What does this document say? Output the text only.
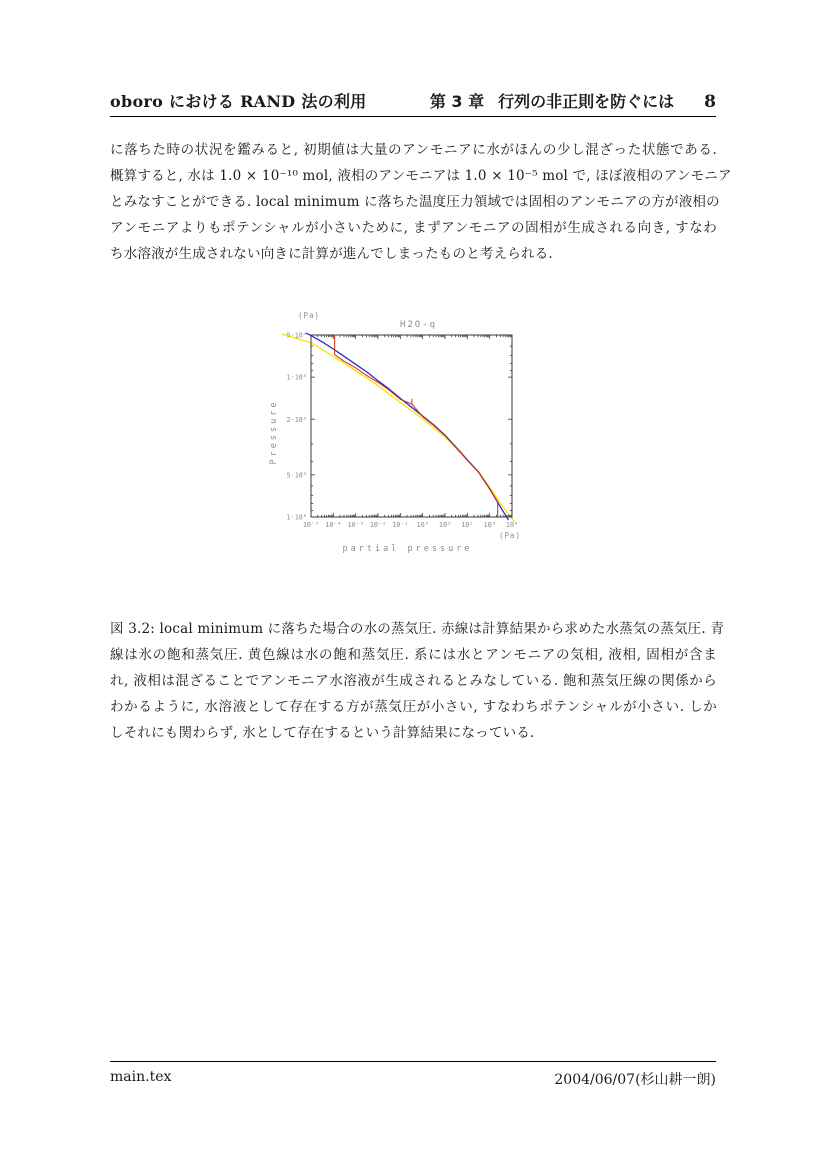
oboro における RAND 法の利用	第 3 章 行列の非正則を防ぐには 8
に落ちた時の状況を鑑みると, 初期値は大量のアンモニアに水がほんの少し混ざった状態である.
概算すると, 水は 1.0 × 10⁻¹⁰ mol, 液相のアンモニアは 1.0 × 10⁻⁵ mol で, ほぼ液相のアンモニア
とみなすことができる. local minimum に落ちた温度圧力領域では固相のアンモニアの方が液相の
アンモニアよりもポテンシャルが小さいために, まずアンモニアの固相が生成される向き, すなわ
ち水溶液が生成されない向きに計算が進んでしまったものと考えられる.
10⁻⁵ 10⁻⁴ 10⁻³ 10⁻² 10⁻¹ 10⁰ 10¹ 10² 10³ 10⁴
5·10⁴
1·10⁵
2·10⁵
5·10⁵
1·10⁶
H2O-q
(Pa)
(Pa)
partial pressure
Pressure
図 3.2: local minimum に落ちた場合の水の蒸気圧. 赤線は計算結果から求めた水蒸気の蒸気圧. 青
線は氷の飽和蒸気圧. 黄色線は水の飽和蒸気圧. 系には水とアンモニアの気相, 液相, 固相が含ま
れ, 液相は混ざることでアンモニア水溶液が生成されるとみなしている. 飽和蒸気圧線の関係から
わかるように, 水溶液として存在する方が蒸気圧が小さい, すなわちポテンシャルが小さい. しか
しそれにも関わらず, 氷として存在するという計算結果になっている.
main.tex	2004/06/07(杉山耕一朗)
